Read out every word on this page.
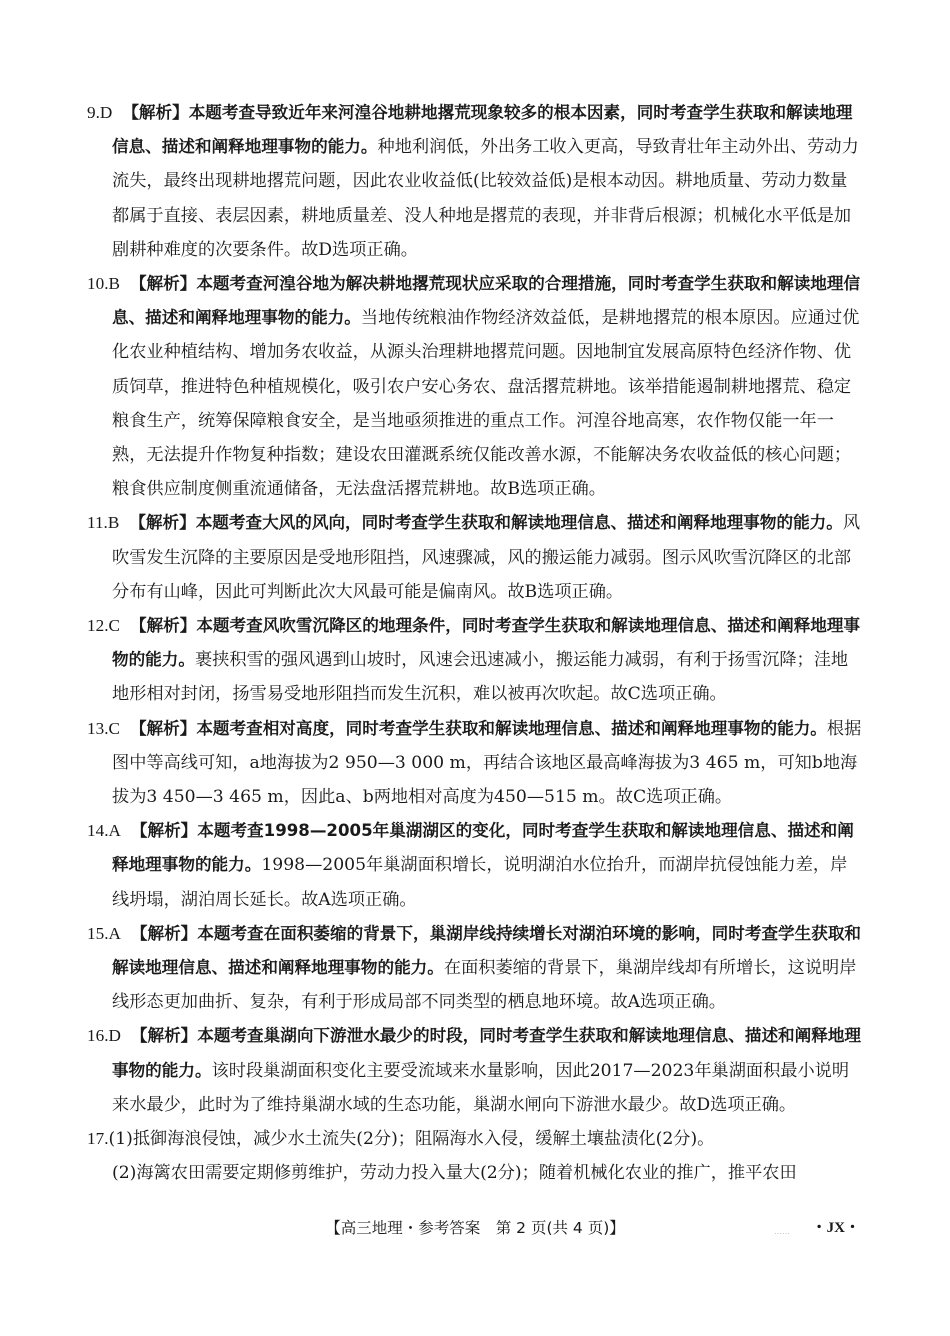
9.D 【解析】本题考查导致近年来河湟谷地耕地撂荒现象较多的根本因素，同时考查学生获取和解读地理信息、描述和阐释地理事物的能力。种地利润低，外出务工收入更高，导致青壮年主动外出、劳动力流失，最终出现耕地撂荒问题，因此农业收益低(比较效益低)是根本动因。耕地质量、劳动力数量都属于直接、表层因素，耕地质量差、没人种地是撂荒的表现，并非背后根源；机械化水平低是加剧耕种难度的次要条件。故D选项正确。
10.B 【解析】本题考查河湟谷地为解决耕地撂荒现状应采取的合理措施，同时考查学生获取和解读地理信息、描述和阐释地理事物的能力。当地传统粮油作物经济效益低，是耕地撂荒的根本原因。应通过优化农业种植结构、增加务农收益，从源头治理耕地撂荒问题。因地制宜发展高原特色经济作物、优质饲草，推进特色种植规模化，吸引农户安心务农、盘活撂荒耕地。该举措能遏制耕地撂荒、稳定粮食生产，统筹保障粮食安全，是当地亟须推进的重点工作。河湟谷地高寒，农作物仅能一年一熟，无法提升作物复种指数；建设农田灌溉系统仅能改善水源，不能解决务农收益低的核心问题；粮食供应制度侧重流通储备，无法盘活撂荒耕地。故B选项正确。
11.B 【解析】本题考查大风的风向，同时考查学生获取和解读地理信息、描述和阐释地理事物的能力。风吹雪发生沉降的主要原因是受地形阻挡，风速骤减，风的搬运能力减弱。图示风吹雪沉降区的北部分布有山峰，因此可判断此次大风最可能是偏南风。故B选项正确。
12.C 【解析】本题考查风吹雪沉降区的地理条件，同时考查学生获取和解读地理信息、描述和阐释地理事物的能力。裹挟积雪的强风遇到山坡时，风速会迅速减小，搬运能力减弱，有利于扬雪沉降；洼地地形相对封闭，扬雪易受地形阻挡而发生沉积，难以被再次吹起。故C选项正确。
13.C 【解析】本题考查相对高度，同时考查学生获取和解读地理信息、描述和阐释地理事物的能力。根据图中等高线可知，a地海拔为2 950—3 000 m，再结合该地区最高峰海拔为3 465 m，可知b地海拔为3 450—3 465 m，因此a、b两地相对高度为450—515 m。故C选项正确。
14.A 【解析】本题考查1998—2005年巢湖湖区的变化，同时考查学生获取和解读地理信息、描述和阐释地理事物的能力。1998—2005年巢湖面积增长，说明湖泊水位抬升，而湖岸抗侵蚀能力差，岸线坍塌，湖泊周长延长。故A选项正确。
15.A 【解析】本题考查在面积萎缩的背景下，巢湖岸线持续增长对湖泊环境的影响，同时考查学生获取和解读地理信息、描述和阐释地理事物的能力。在面积萎缩的背景下，巢湖岸线却有所增长，这说明岸线形态更加曲折、复杂，有利于形成局部不同类型的栖息地环境。故A选项正确。
16.D 【解析】本题考查巢湖向下游泄水最少的时段，同时考查学生获取和解读地理信息、描述和阐释地理事物的能力。该时段巢湖面积变化主要受流域来水量影响，因此2017—2023年巢湖面积最小说明来水最少，此时为了维持巢湖水域的生态功能，巢湖水闸向下游泄水最少。故D选项正确。
17.(1)抵御海浪侵蚀，减少水土流失(2分)；阻隔海水入侵，缓解土壤盐渍化(2分)。
(2)海篱农田需要定期修剪维护，劳动力投入量大(2分)；随着机械化农业的推广，推平农田
【高三地理・参考答案　第 2 页(共 4 页)】	…… ・JX・
